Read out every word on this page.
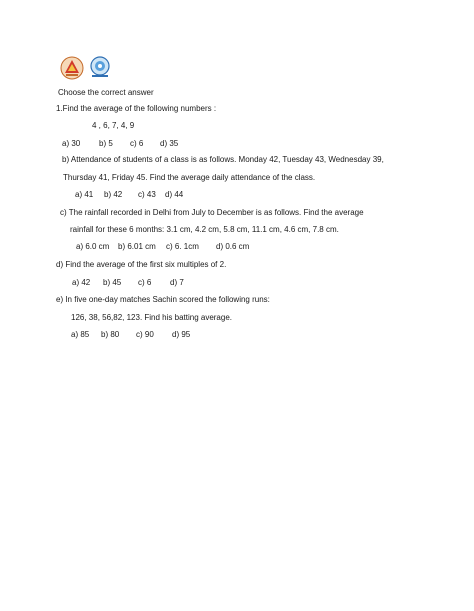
Choose the correct answer
1.Find the average of the following numbers :
4 , 6, 7, 4, 9
a) 30 b) 5 c) 6 d) 35
b) Attendance of students of a class is as follows. Monday 42, Tuesday 43, Wednesday 39,
Thursday 41, Friday 45. Find the average daily attendance of the class.
a) 41 b) 42 c) 43 d) 44
c) The rainfall recorded in Delhi from July to December is as follows. Find the average
rainfall for these 6 months: 3.1 cm, 4.2 cm, 5.8 cm, 11.1 cm, 4.6 cm, 7.8 cm.
a) 6.0 cm b) 6.01 cm c) 6. 1cm d) 0.6 cm
d) Find the average of the first six multiples of 2.
a) 42 b) 45 c) 6 d) 7
e) In five one-day matches Sachin scored the following runs:
126, 38, 56,82, 123. Find his batting average.
a) 85 b) 80 c) 90 d) 95
